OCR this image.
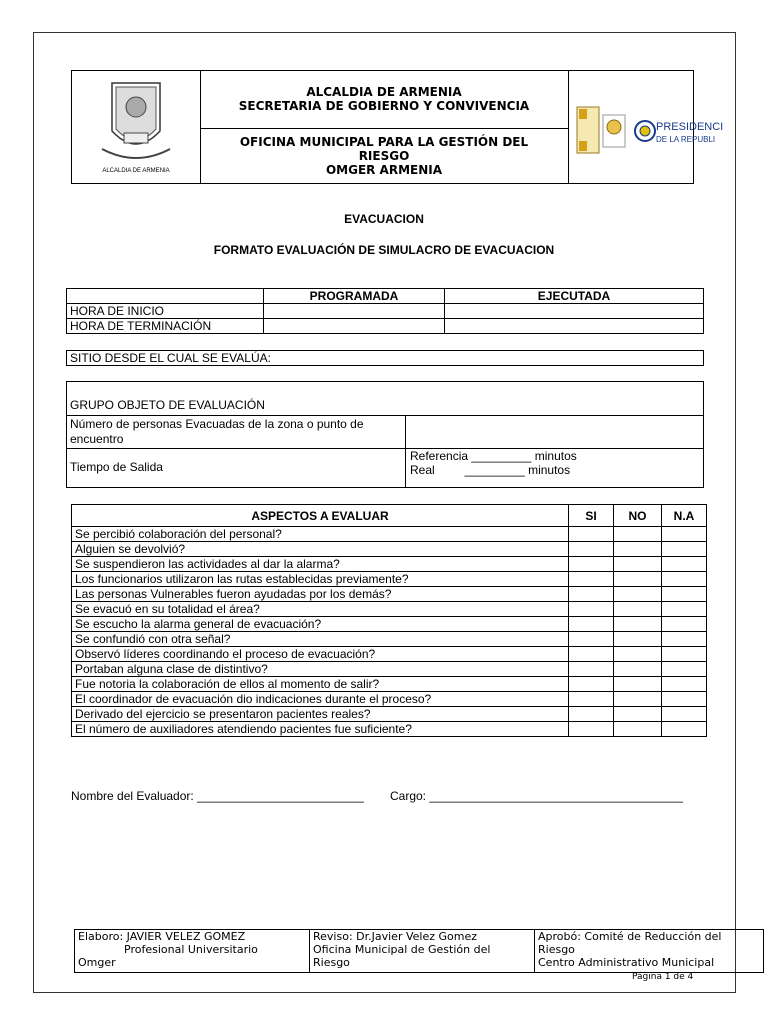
ALCALDIA DE ARMENIA
ALCALDIA DE ARMENIA
SECRETARIA DE GOBIERNO Y CONVIVENCIA
OFICINA MUNICIPAL PARA LA GESTIÓN DEL
RIESGO
OMGER ARMENIA
PRESIDENCI
DE LA REPUBLI
EVACUACION
FORMATO EVALUACIÓN DE SIMULACRO DE EVACUACION
	PROGRAMADA	EJECUTADA
HORA DE INICIO		
HORA DE TERMINACIÓN		
SITIO DESDE EL CUAL SE EVALÚA:
GRUPO OBJETO DE EVALUACIÓN
Número de personas Evacuadas de la zona o punto de encuentro
Tiempo de Salida
Referencia _________ minutos
Real         _________ minutos
ASPECTOS A EVALUAR	SI	NO	N.A
Se percibió colaboración del personal?			
Alguien se devolvió?			
Se suspendieron las actividades al dar la alarma?			
Los funcionarios utilizaron las rutas establecidas previamente?			
Las personas Vulnerables fueron ayudadas por los demás?			
Se evacuó en su totalidad el área?			
Se escucho la alarma general de evacuación?			
Se confundió con otra señal?			
Observó líderes coordinando el proceso de evacuación?			
Portaban alguna clase de distintivo?			
Fue notoria la colaboración de ellos al momento de salir?			
El coordinador de evacuación dio indicaciones durante el proceso?			
Derivado del ejercicio se presentaron pacientes reales?			
El número de auxiliadores atendiendo pacientes fue suficiente?			
Nombre del Evaluador: _________________________ Cargo: ______________________________________
Elaboro: JAVIER VELEZ GOMEZ
Profesional Universitario
Omger

Reviso: Dr.Javier Velez Gomez
Oficina Municipal de Gestión del
Riesgo

Aprobó: Comité de Reducción del
Riesgo
Centro Administrativo Municipal
Página 1 de 4
